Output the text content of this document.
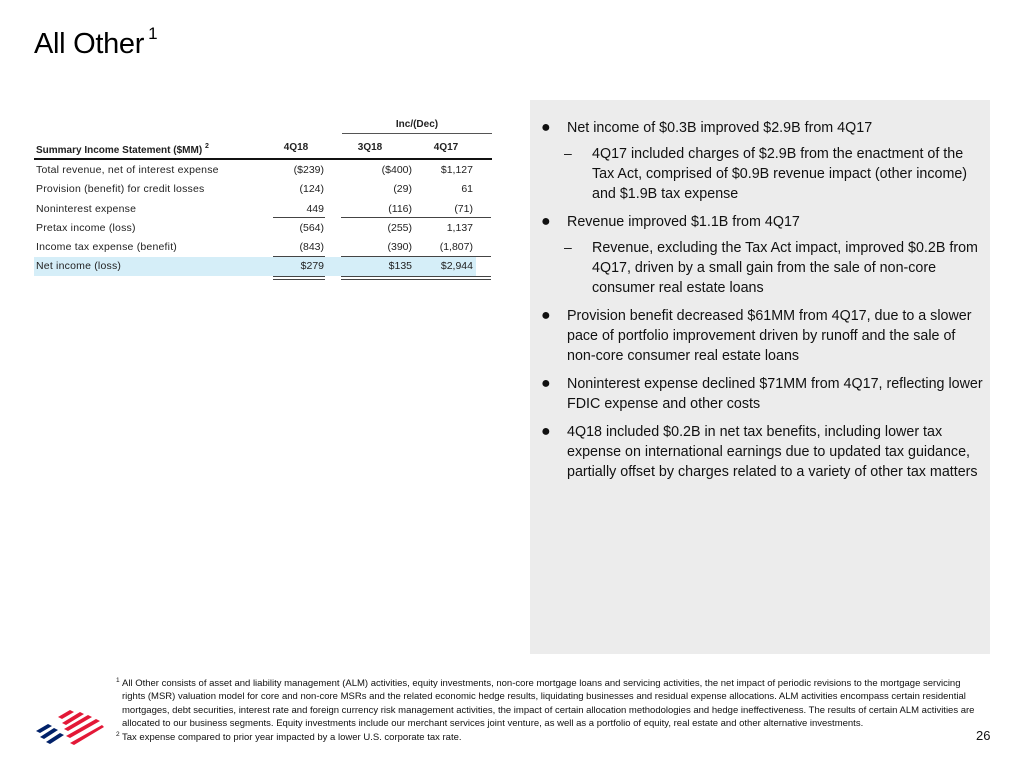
All Other $^1$
Inc/(Dec)
Summary Income Statement ($MM) $^2$	4Q18	3Q18	4Q17
Total revenue, net of interest expense	($239)	($400)	$1,127
Provision (benefit) for credit losses	(124)	(29)	61
Noninterest expense	449	(116)	(71)
Pretax income (loss)	(564)	(255)	1,137
Income tax expense (benefit)	(843)	(390)	(1,807)
Net income (loss)	$279	$135	$2,944
● Net income of $0.3B improved $2.9B from 4Q17
– 4Q17 included charges of $2.9B from the enactment of the Tax Act, comprised of $0.9B revenue impact (other income) and $1.9B tax expense
● Revenue improved $1.1B from 4Q17
– Revenue, excluding the Tax Act impact, improved $0.2B from 4Q17, driven by a small gain from the sale of non-core consumer real estate loans
● Provision benefit decreased $61MM from 4Q17, due to a slower pace of portfolio improvement driven by runoff and the sale of non-core consumer real estate loans
● Noninterest expense declined $71MM from 4Q17, reflecting lower FDIC expense and other costs
● 4Q18 included $0.2B in net tax benefits, including lower tax expense on international earnings due to updated tax guidance, partially offset by charges related to a variety of other tax matters
1 All Other consists of asset and liability management (ALM) activities, equity investments, non-core mortgage loans and servicing activities, the net impact of periodic revisions to the mortgage servicing rights (MSR) valuation model for core and non-core MSRs and the related economic hedge results, liquidating businesses and residual expense allocations. ALM activities encompass certain residential mortgages, debt securities, interest rate and foreign currency risk management activities, the impact of certain allocation methodologies and hedge ineffectiveness. The results of certain ALM activities are allocated to our business segments. Equity investments include our merchant services joint venture, as well as a portfolio of equity, real estate and other alternative investments.
2 Tax expense compared to prior year impacted by a lower U.S. corporate tax rate.	26
